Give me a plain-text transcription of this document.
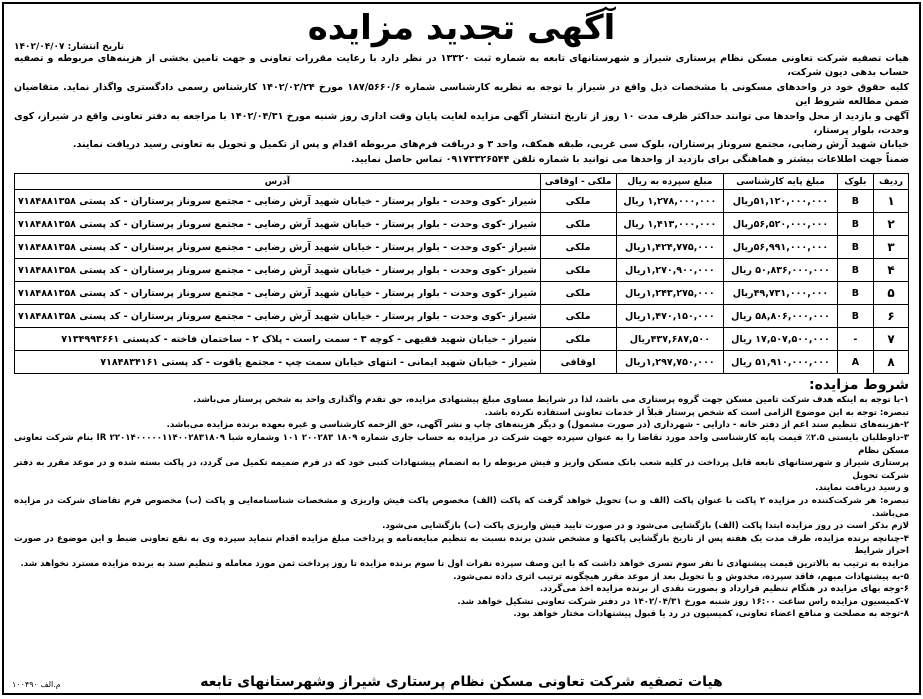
آگهی تجدید مزایده
تاریخ انتشار: ۱۴۰۲/۰۴/۰۷
هیات تصفیه شرکت تعاونی مسکن نظام پرستاری شیراز و شهرستانهای تابعه به شماره ثبت ۱۳۳۲۰ در نظر دارد با رعایت مقررات تعاونی و جهت تامین بخشی از هزینه‌های مربوطه و تصفیه حساب بدهی دیون شرکت،
کلیه حقوق خود در واحدهای مسکونی با مشخصات ذیل واقع در شیراز با توجه به نظریه کارشناسی شماره ۱۸۷/۵۶۶۰/۶ مورخ ۱۴۰۲/۰۲/۲۴ کارشناس رسمی دادگستری واگذار نماید. متقاضیان ضمن مطالعه شروط این
آگهی و بازدید از محل واحدها می توانند حداکثر ظرف مدت ۱۰ روز از تاریخ انتشار آگهی مزایده لغایت پایان وقت اداری روز شنبه مورخ ۱۴۰۲/۰۴/۳۱ با مراجعه به دفتر تعاونی واقع در شیراز، کوی وحدت، بلوار پرستار،
خیابان شهید آرش رضایی، مجتمع سروناز پرستاران، بلوک سی غربی، طبقه همکف، واحد ۳ و دریافت فرم‌های مربوطه اقدام و پس از تکمیل و تحویل به تعاونی رسید دریافت نمایند.
ضمناً جهت اطلاعات بیشتر و هماهنگی برای بازدید از واحدها می توانید با شماره تلفن ۰۹۱۷۳۳۲۶۵۴۴ تماس حاصل نمایید.
ردیف	بلوک	مبلغ پایه کارشناسی	مبلغ سپرده به ریال	ملکی - اوقافی	آدرس
۱	B	۵۱,۱۲۰,۰۰۰,۰۰۰ریال	۱,۲۷۸,۰۰۰,۰۰۰ ریال	ملکی	شیراز -کوی وحدت - بلوار پرستار - خیابان شهید آرش رضایی - مجتمع سروناز پرستاران - کد پستی ۷۱۸۴۸۸۱۳۵۸
۲	B	۵۶,۵۲۰,۰۰۰,۰۰۰ریال	۱,۴۱۳,۰۰۰,۰۰۰ ریال	ملکی	شیراز -کوی وحدت - بلوار پرستار - خیابان شهید آرش رضایی - مجتمع سروناز پرستاران - کد پستی ۷۱۸۴۸۸۱۳۵۸
۳	B	۵۶,۹۹۱,۰۰۰,۰۰۰ریال	۱,۴۲۴,۷۷۵,۰۰۰ریال	ملکی	شیراز -کوی وحدت - بلوار پرستار - خیابان شهید آرش رضایی - مجتمع سروناز پرستاران - کد پستی ۷۱۸۴۸۸۱۳۵۸
۴	B	۵۰,۸۳۶,۰۰۰,۰۰۰ ریال	۱,۲۷۰,۹۰۰,۰۰۰ریال	ملکی	شیراز -کوی وحدت - بلوار پرستار - خیابان شهید آرش رضایی - مجتمع سروناز پرستاران - کد پستی ۷۱۸۴۸۸۱۳۵۸
۵	B	۴۹,۷۳۱,۰۰۰,۰۰۰ریال	۱,۲۴۳,۲۷۵,۰۰۰ریال	ملکی	شیراز -کوی وحدت - بلوار پرستار - خیابان شهید آرش رضایی - مجتمع سروناز پرستاران - کد پستی ۷۱۸۴۸۸۱۳۵۸
۶	B	۵۸,۸۰۶,۰۰۰,۰۰۰ ریال	۱,۴۷۰,۱۵۰,۰۰۰ریال	ملکی	شیراز -کوی وحدت - بلوار پرستار - خیابان شهید آرش رضایی - مجتمع سروناز پرستاران - کد پستی ۷۱۸۴۸۸۱۳۵۸
۷	-	۱۷,۵۰۷,۵۰۰,۰۰۰ ریال	۴۳۷,۶۸۷,۵۰۰ریال	ملکی	شیراز - خیابان شهید فقیهی - کوچه ۳ - سمت راست - پلاک ۲ - ساختمان فاخته - کدپستی ۷۱۳۴۹۹۳۶۶۱
۸	A	۵۱,۹۱۰,۰۰۰,۰۰۰ ریال	۱,۲۹۷,۷۵۰,۰۰۰ریال	اوقافی	شیراز - خیابان شهید ایمانی - انتهای خیابان سمت چپ - مجتمع یاقوت - کد پستی ۷۱۸۴۸۳۴۱۶۱
شروط مزایده:

۱-با توجه به اینکه هدف شرکت تامین مسکن جهت گروه پرستاری می باشد، لذا در شرایط مساوی مبلغ پیشنهادی مزایده، حق تقدم واگذاری واحد به شخص پرستار می‌باشد.

تبصره: توجه به این موضوع الزامی است که شخص پرستار قبلاً از خدمات تعاونی استفاده نکرده باشد.

۲-هزینه‌های تنظیم سند اعم از دفتر خانه - دارایی - شهرداری (در صورت مشمول) و دیگر هزینه‌های چاپ و نشر آگهی، حق الزحمه کارشناسی و غیره بعهده برنده مزایده می‌باشد.

۳-داوطلبان بایستی ۲.۵٪ قیمت پایه کارشناسی واحد مورد تقاضا را به عنوان سپرده جهت شرکت در مزایده به حساب جاری شماره ۱۸۰۹ ۲۰۰۲۸۳ ۱۰۱ وشماره شبا IR ۲۲۰۱۴۰۰۰۰۰۱۱۴۰۰۲۸۳۱۸۰۹ بنام شرکت تعاونی مسکن نظام

پرستاری شیراز و شهرستانهای تابعه قابل پرداخت در کلیه شعب بانک مسکن واریز و فیش مربوطه را به انضمام پیشنهادات کتبی خود که در فرم ضمیمه تکمیل می گردد، در پاکت بسته شده و در موعد مقرر به دفتر شرکت تحویل

و رسید دریافت نمایند.

تبصره: هر شرکت‌کننده در مزایده ۲ پاکت با عنوان پاکت (الف و ب) تحویل خواهد گرفت که پاکت (الف) مخصوص پاکت فیش واریزی و مشخصات شناسنامه‌ایی و پاکت (ب) مخصوص فرم تقاضای شرکت در مزایده می‌باشد.

لازم بذکر است در روز مزایده ابتدا پاکت (الف) بازگشایی می‌شود و در صورت تایید فیش واریزی پاکت (ب) بازگشایی می‌شود.

۴-چنانچه برنده مزایده، ظرف مدت یک هفته پس از تاریخ بازگشایی پاکتها و مشخص شدن برنده نسبت به تنظیم مبایعه‌نامه و پرداخت مبلغ مزایده اقدام ننماید سپرده وی به نفع تعاونی ضبط و این موضوع در صورت احراز شرایط

مزایده به ترتیب به بالاترین قیمت پیشنهادی تا نفر سوم تسری خواهد داشت که با این وصف سپرده نفرات اول تا سوم برنده مزایده تا روز پرداخت ثمن مورد معامله و تنظیم سند به برنده مزایده مسترد نخواهد شد.

۵-به پیشنهادات مبهم، فاقد سپرده، مخدوش و یا تحویل بعد از موعد مقرر هیچگونه ترتیب اثری داده نمی‌شود.

۶-وجه بهای مزایده در هنگام تنظیم قرارداد و بصورت نقدی از برنده مزایده اخذ می‌گردد.

۷-کمیسیون مزایده راس ساعت ۱۶:۰۰ روز شنبه مورخ ۱۴۰۲/۰۴/۳۱ در دفتر شرکت تعاونی تشکیل خواهد شد.

۸-توجه به مصلحت و منافع اعضاء تعاونی، کمیسیون در رد یا قبول پیشنهادات مختار خواهد بود.

هیات تصفیه شرکت تعاونی مسکن نظام پرستاری شیراز وشهرستانهای تابعه
م.الف ۱۰۰۴۹۰
